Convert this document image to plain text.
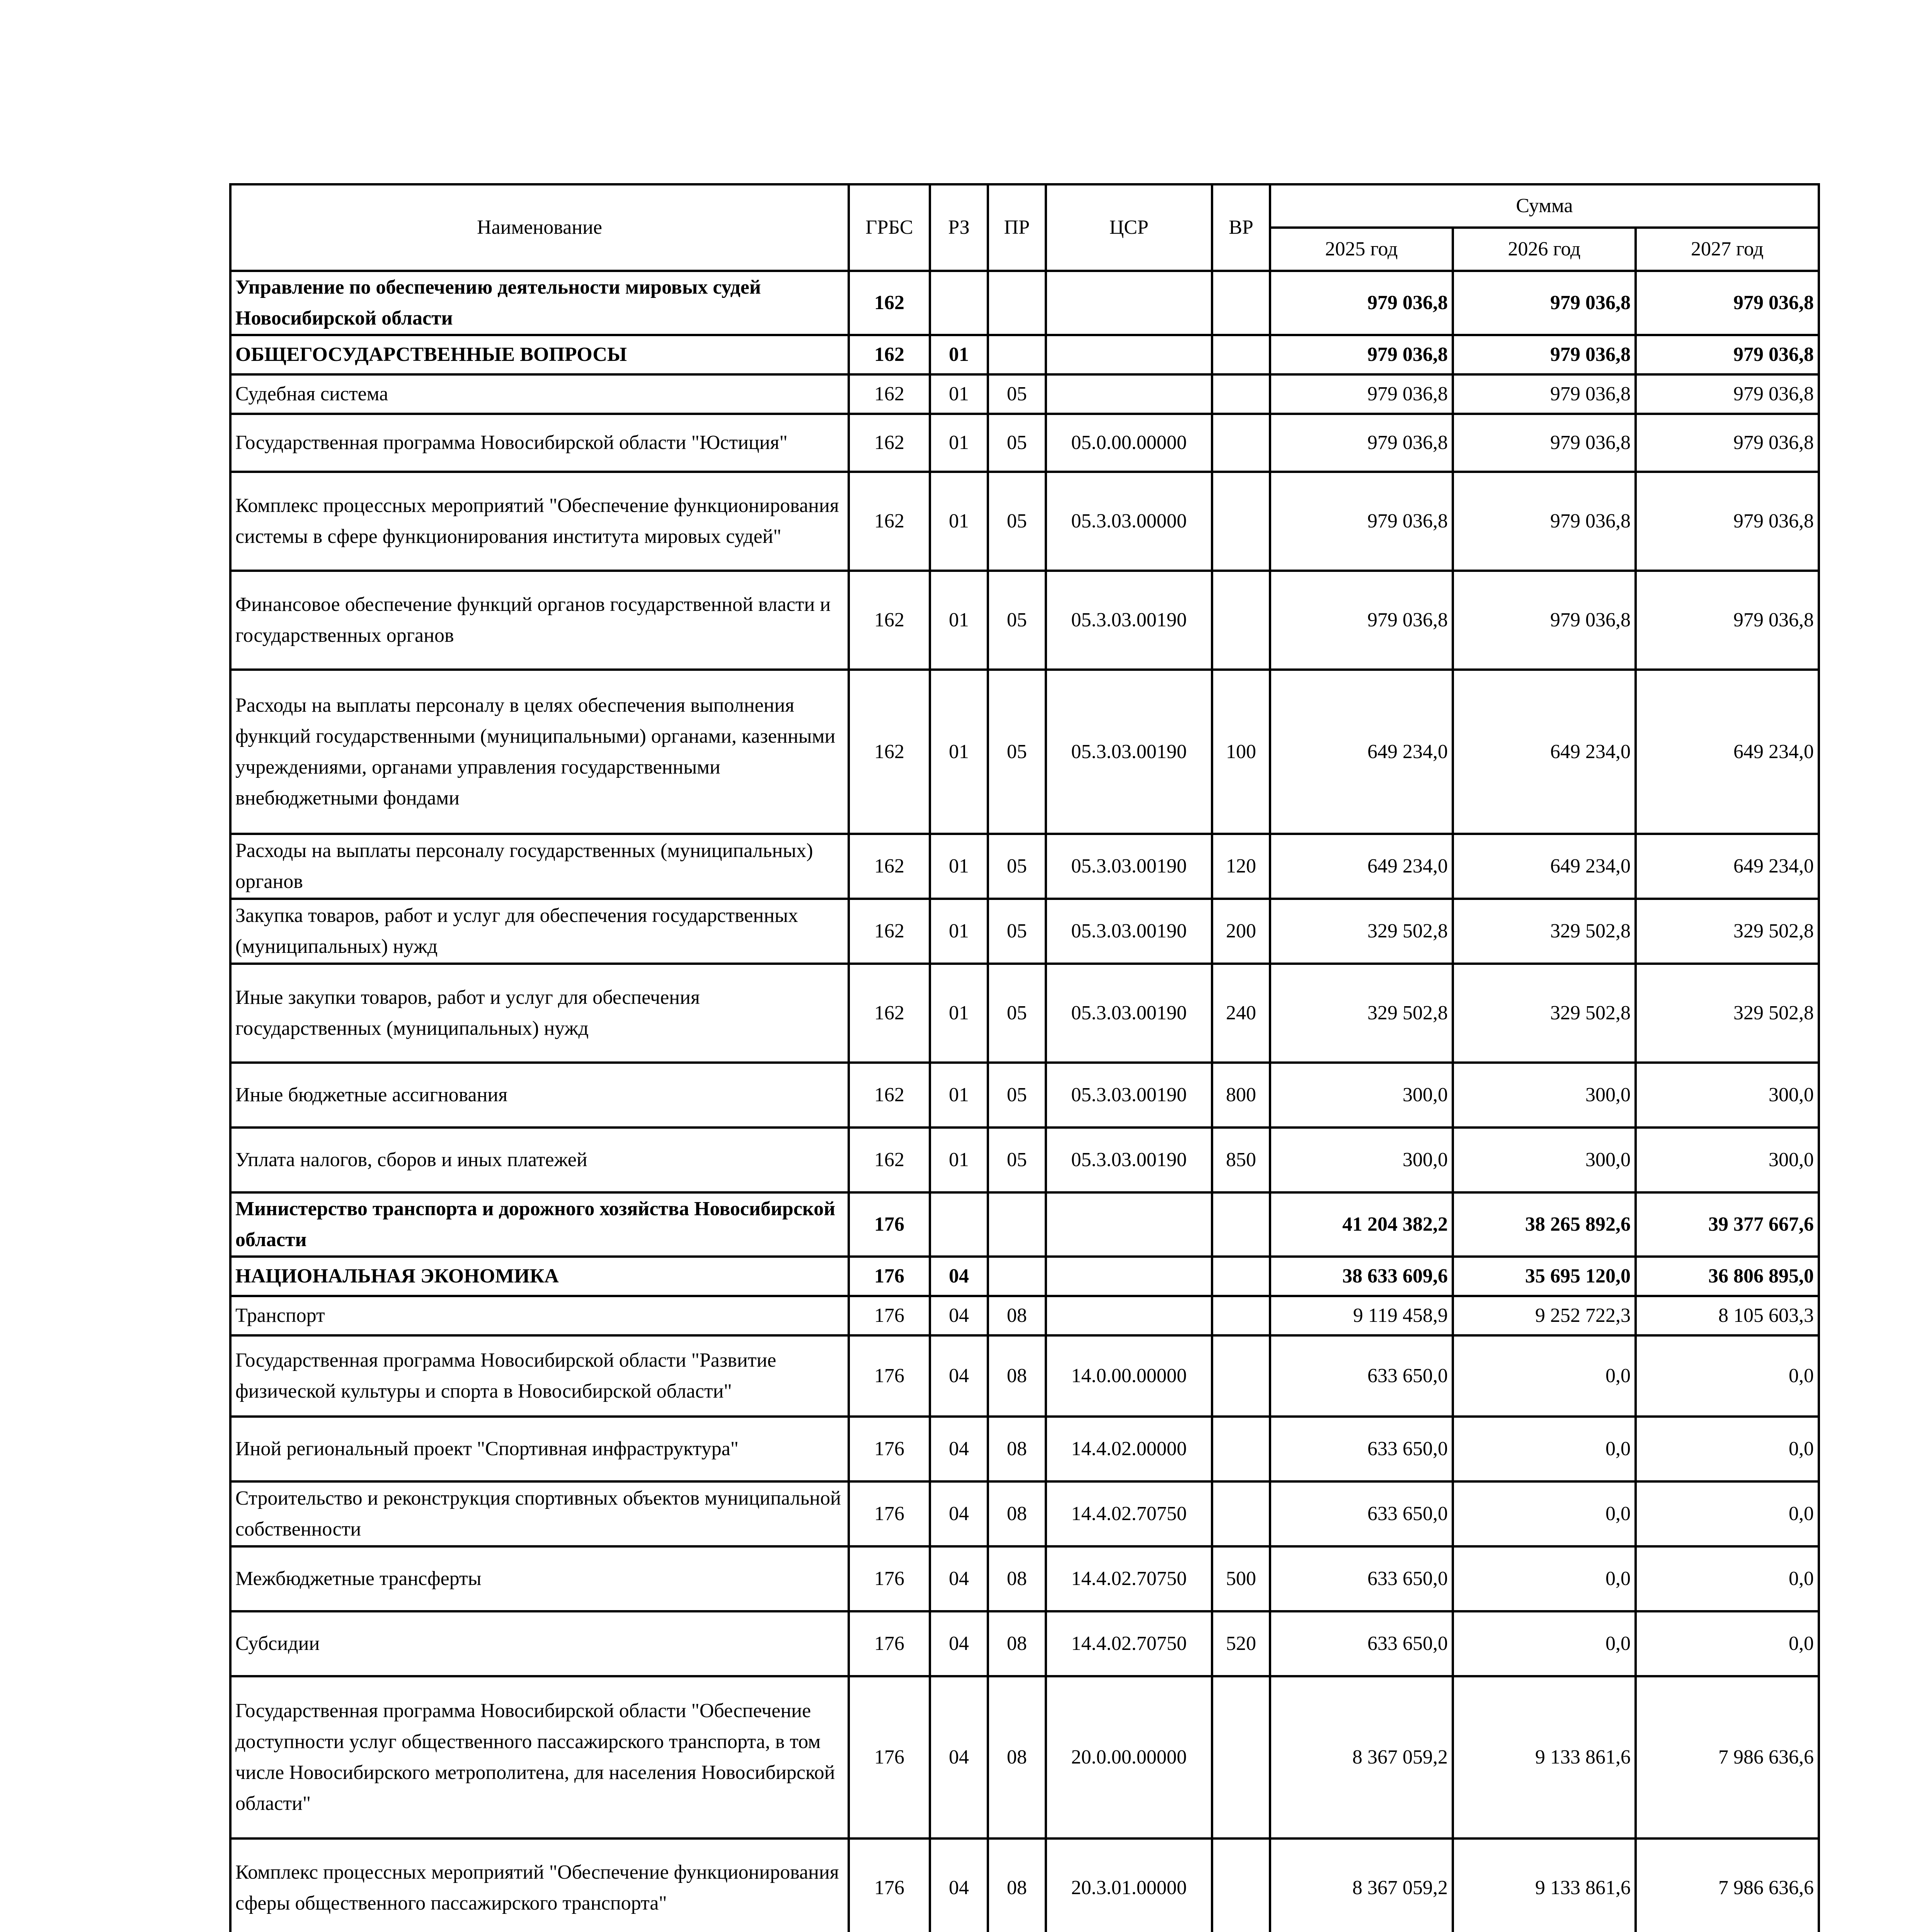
Наименование	ГРБС	РЗ	ПР	ЦСР	ВР	Сумма		
						2025 год	2026 год	2027 год
Управление по обеспечению деятельности мировых судей Новосибирской области	162					979 036,8	979 036,8	979 036,8
ОБЩЕГОСУДАРСТВЕННЫЕ ВОПРОСЫ	162	01				979 036,8	979 036,8	979 036,8
Судебная система	162	01	05			979 036,8	979 036,8	979 036,8
Государственная программа Новосибирской области "Юстиция"	162	01	05	05.0.00.00000		979 036,8	979 036,8	979 036,8
Комплекс процессных мероприятий "Обеспечение функционирования системы в сфере функционирования института мировых судей"	162	01	05	05.3.03.00000		979 036,8	979 036,8	979 036,8
Финансовое обеспечение функций органов государственной власти и государственных органов	162	01	05	05.3.03.00190		979 036,8	979 036,8	979 036,8
Расходы на выплаты персоналу в целях обеспечения выполнения функций государственными (муниципальными) органами, казенными учреждениями, органами управления государственными внебюджетными фондами	162	01	05	05.3.03.00190	100	649 234,0	649 234,0	649 234,0
Расходы на выплаты персоналу государственных (муниципальных) органов	162	01	05	05.3.03.00190	120	649 234,0	649 234,0	649 234,0
Закупка товаров, работ и услуг для обеспечения государственных (муниципальных) нужд	162	01	05	05.3.03.00190	200	329 502,8	329 502,8	329 502,8
Иные закупки товаров, работ и услуг для обеспечения государственных (муниципальных) нужд	162	01	05	05.3.03.00190	240	329 502,8	329 502,8	329 502,8
Иные бюджетные ассигнования	162	01	05	05.3.03.00190	800	300,0	300,0	300,0
Уплата налогов, сборов и иных платежей	162	01	05	05.3.03.00190	850	300,0	300,0	300,0
Министерство транспорта и дорожного хозяйства Новосибирской области	176					41 204 382,2	38 265 892,6	39 377 667,6
НАЦИОНАЛЬНАЯ ЭКОНОМИКА	176	04				38 633 609,6	35 695 120,0	36 806 895,0
Транспорт	176	04	08			9 119 458,9	9 252 722,3	8 105 603,3
Государственная программа Новосибирской области "Развитие физической культуры и спорта в Новосибирской области"	176	04	08	14.0.00.00000		633 650,0	0,0	0,0
Иной региональный проект "Спортивная инфраструктура"	176	04	08	14.4.02.00000		633 650,0	0,0	0,0
Строительство и реконструкция спортивных объектов муниципальной собственности	176	04	08	14.4.02.70750		633 650,0	0,0	0,0
Межбюджетные трансферты	176	04	08	14.4.02.70750	500	633 650,0	0,0	0,0
Субсидии	176	04	08	14.4.02.70750	520	633 650,0	0,0	0,0
Государственная программа Новосибирской области "Обеспечение доступности услуг общественного пассажирского транспорта, в том числе Новосибирского метрополитена, для населения Новосибирской области"	176	04	08	20.0.00.00000		8 367 059,2	9 133 861,6	7 986 636,6
Комплекс процессных мероприятий "Обеспечение функционирования сферы общественного пассажирского транспорта"	176	04	08	20.3.01.00000		8 367 059,2	9 133 861,6	7 986 636,6
